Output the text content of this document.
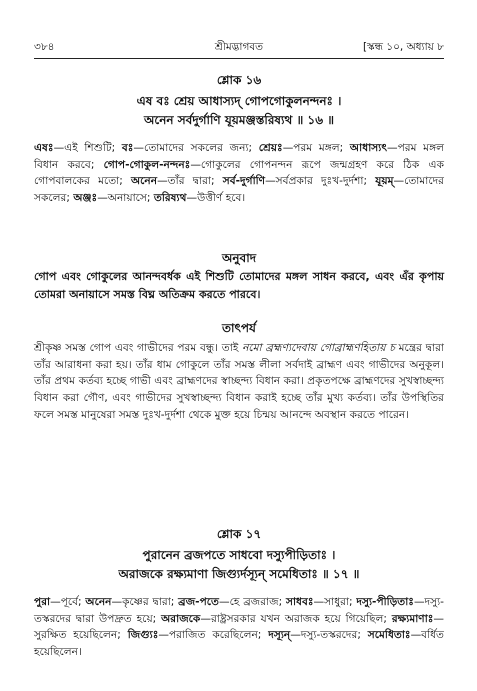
৩৮৪	শ্রীমদ্ভাগবত	[স্কন্ধ ১০, অধ্যায় ৮
শ্লোক ১৬
এষ বঃ শ্রেয় আধাস্যদ্ গোপগোকুলনন্দনঃ ।
অনেন সর্বদুর্গাণি যূয়মঞ্জস্তরিষ্যথ ॥ ১৬ ॥
এষঃ—এই শিশুটি; বঃ—তোমাদের সকলের জন্য; শ্রেয়ঃ—পরম মঙ্গল; আধাস্যৎ—পরম মঙ্গল বিধান করবে; গোপ-গোকুল-নন্দনঃ—গোকুলের গোপনন্দন রূপে জন্মগ্রহণ করে ঠিক এক গোপবালকের মতো; অনেন—তাঁর দ্বারা; সর্ব-দুর্গাণি—সর্বপ্রকার দুঃখ-দুর্দশা; যূয়ম্—তোমাদের সকলের; অঞ্জঃ—অনায়াসে; তরিষ্যথ—উত্তীর্ণ হবে।
অনুবাদ
গোপ এবং গোকুলের আনন্দবর্ধক এই শিশুটি তোমাদের মঙ্গল সাধন করবে, এবং এঁর কৃপায় তোমরা অনায়াসে সমস্ত বিঘ্ন অতিক্রম করতে পারবে।
তাৎপর্য
শ্রীকৃষ্ণ সমস্ত গোপ এবং গাভীদের পরম বন্ধু। তাই নমো ব্রহ্মণ্যদেবায় গোব্রাহ্মণহিতায় চ মন্ত্রের দ্বারা তাঁর আরাধনা করা হয়। তাঁর ধাম গোকুলে তাঁর সমস্ত লীলা সর্বদাই ব্রাহ্মণ এবং গাভীদের অনুকূল। তাঁর প্রথম কর্তব্য হচ্ছে গাভী এবং ব্রাহ্মণদের স্বাচ্ছন্দ্য বিধান করা। প্রকৃতপক্ষে ব্রাহ্মণদের সুখস্বাচ্ছন্দ্য বিধান করা গৌণ, এবং গাভীদের সুখস্বাচ্ছন্দ্য বিধান করাই হচ্ছে তাঁর মুখ্য কর্তব্য। তাঁর উপস্থিতির ফলে সমস্ত মানুষেরা সমস্ত দুঃখ-দুর্দশা থেকে মুক্ত হয়ে চিন্ময় আনন্দে অবস্থান করতে পারেন।
শ্লোক ১৭
পুরানেন ব্রজপতে সাধবো দস্যুপীড়িতাঃ ।
অরাজকে রক্ষ্যমাণা জিগ্যুর্দস্যূন্ সমেধিতাঃ ॥ ১৭ ॥
পুরা—পূর্বে; অনেন—কৃষ্ণের দ্বারা; ব্রজ-পতে—হে ব্রজরাজ; সাধবঃ—সাধুরা; দস্যু-পীড়িতাঃ—দস্যু-তস্করদের দ্বারা উপদ্রুত হয়ে; অরাজকে—রাষ্ট্রসরকার যখন অরাজক হয়ে গিয়েছিল; রক্ষ্যমাণাঃ—সুরক্ষিত হয়েছিলেন; জিগ্যুঃ—পরাজিত করেছিলেন; দস্যূন্—দস্যু-তস্করদের; সমেধিতাঃ—বর্ধিত হয়েছিলেন।
